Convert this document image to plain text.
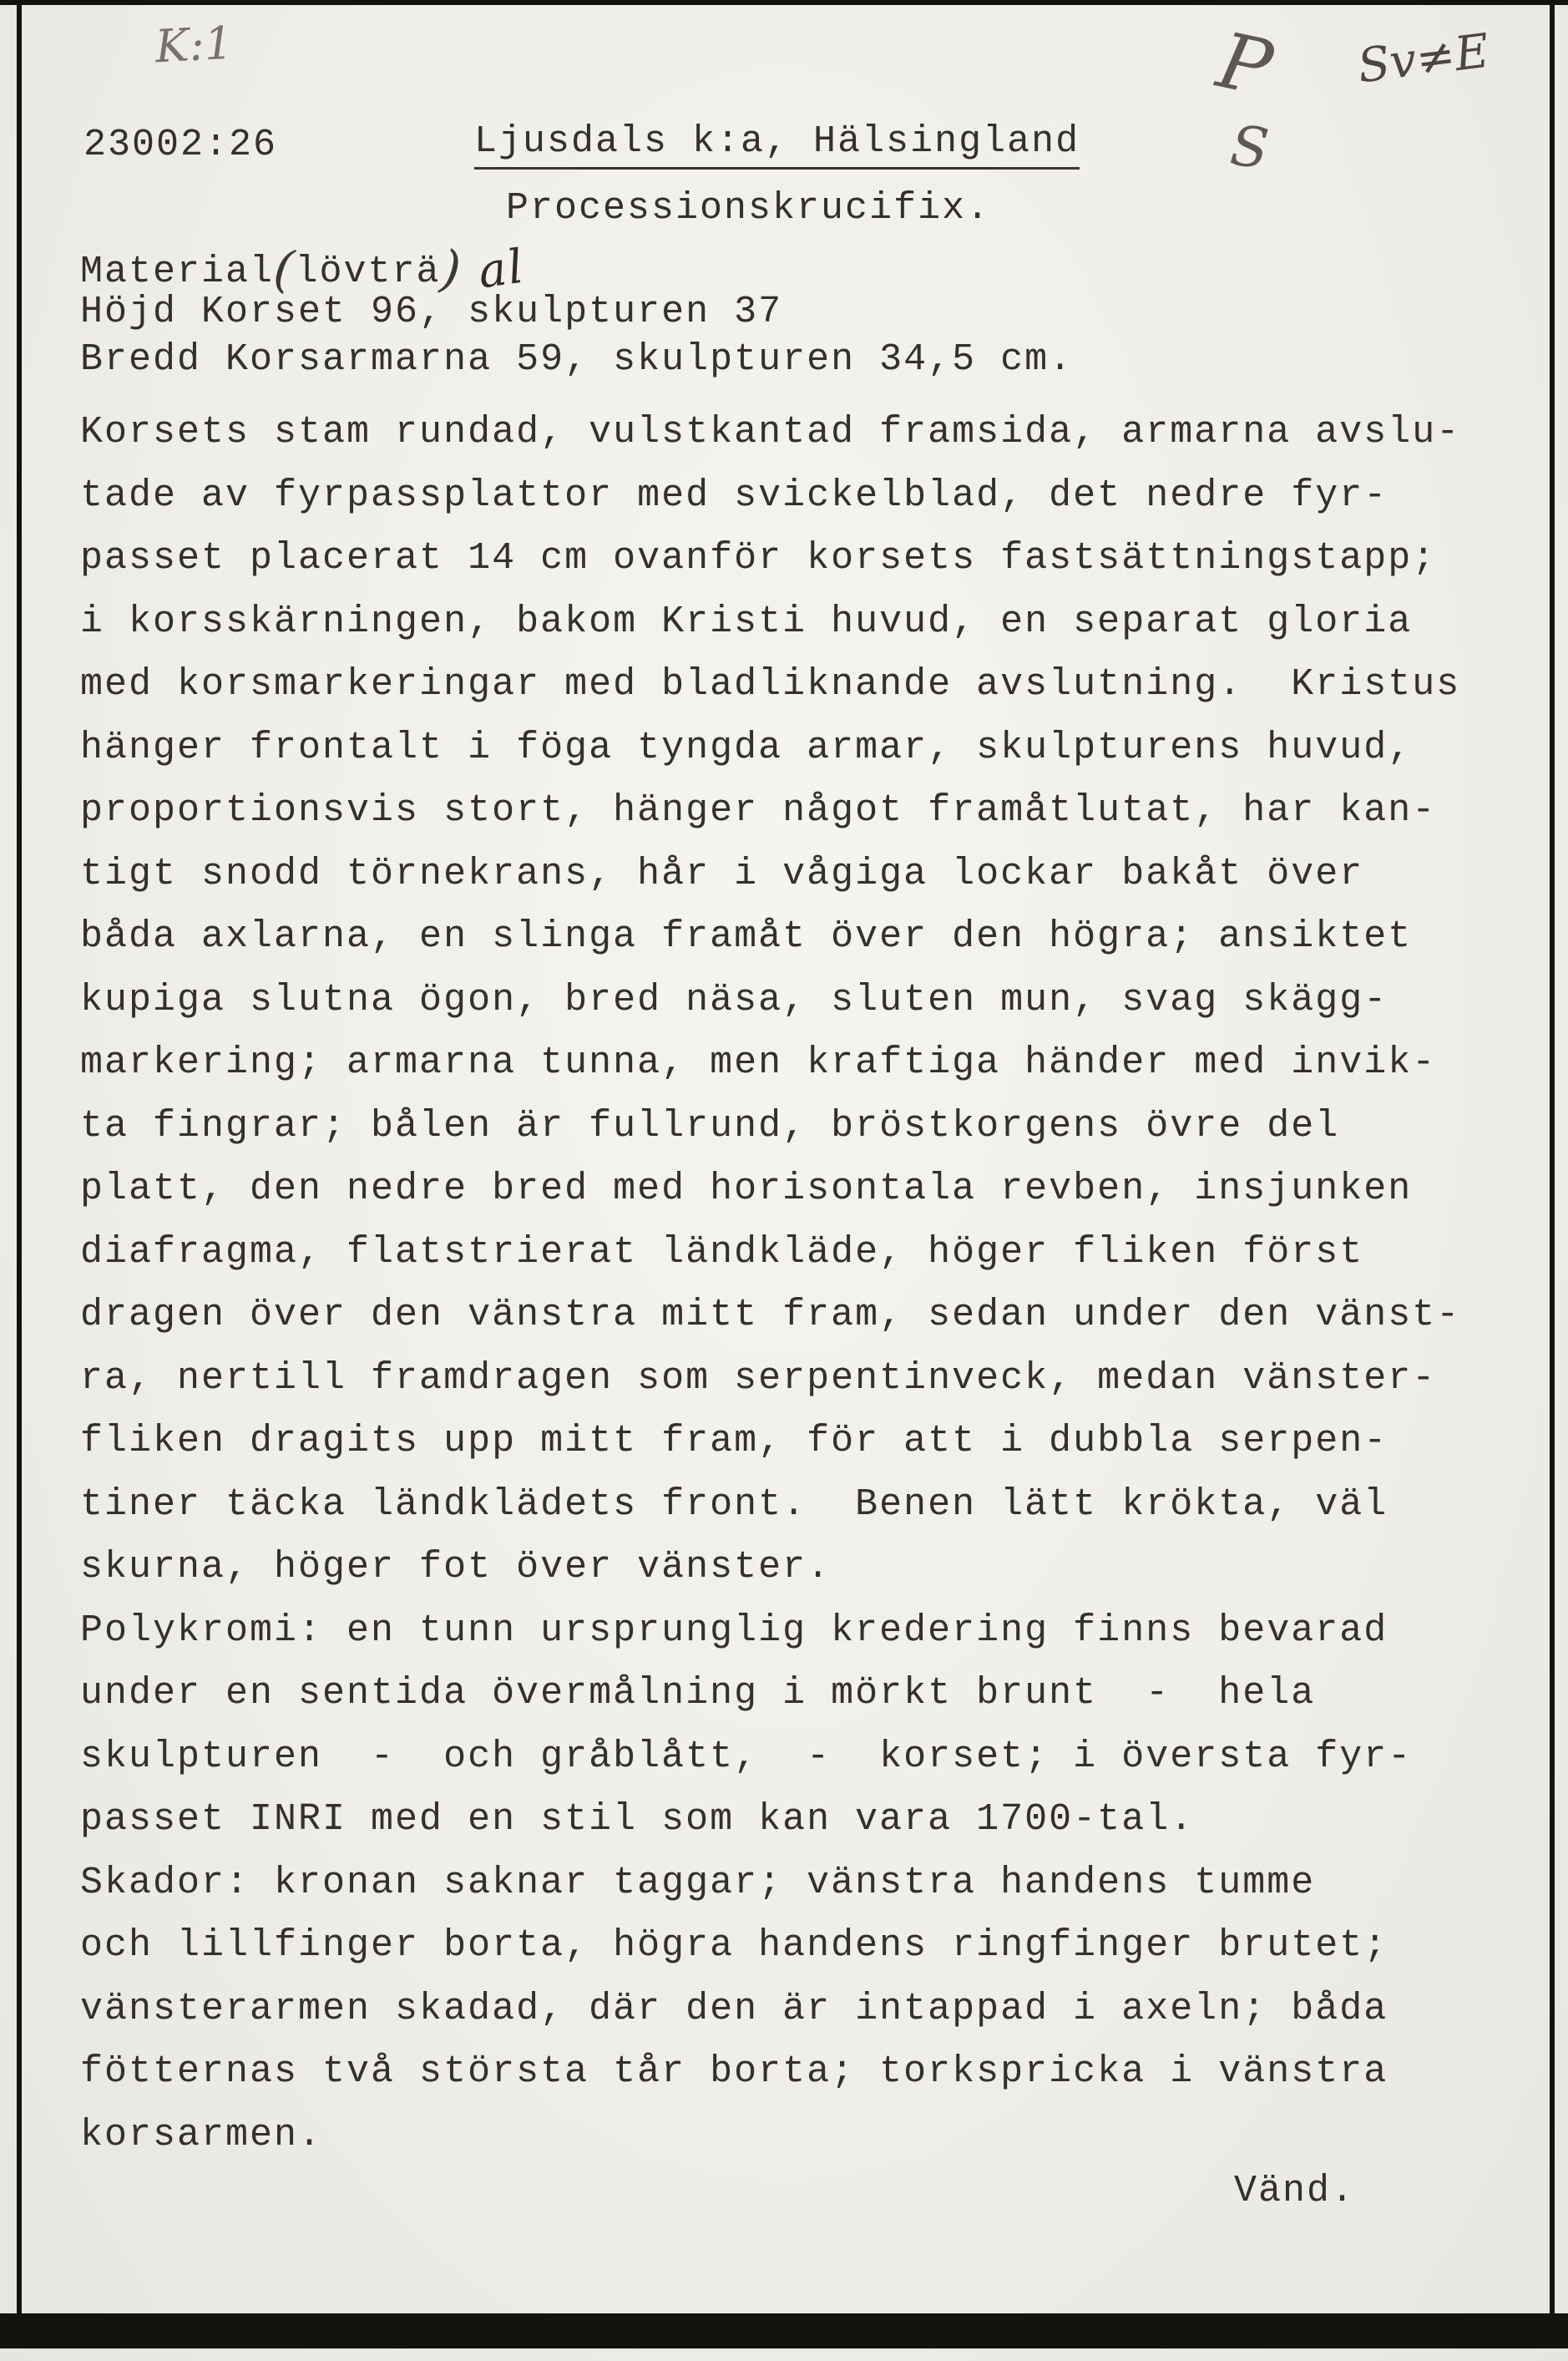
K:1	P
S
Sv≠E
23002:26	Ljusdals k:a, Hälsingland
Processionskrucifix.
Material(lövträ) al
Höjd Korset 96, skulpturen 37
Bredd Korsarmarna 59, skulpturen 34,5 cm.
Korsets stam rundad, vulstkantad framsida, armarna avslu-
tade av fyrpassplattor med svickelblad, det nedre fyr-
passet placerat 14 cm ovanför korsets fastsättningstapp;
i korsskärningen, bakom Kristi huvud, en separat gloria
med korsmarkeringar med bladliknande avslutning.  Kristus
hänger frontalt i föga tyngda armar, skulpturens huvud,
proportionsvis stort, hänger något framåtlutat, har kan-
tigt snodd törnekrans, hår i vågiga lockar bakåt över
båda axlarna, en slinga framåt över den högra; ansiktet
kupiga slutna ögon, bred näsa, sluten mun, svag skägg-
markering; armarna tunna, men kraftiga händer med invik-
ta fingrar; bålen är fullrund, bröstkorgens övre del
platt, den nedre bred med horisontala revben, insjunken
diafragma, flatstrierat ländkläde, höger fliken först
dragen över den vänstra mitt fram, sedan under den vänst-
ra, nertill framdragen som serpentinveck, medan vänster-
fliken dragits upp mitt fram, för att i dubbla serpen-
tiner täcka ländklädets front.  Benen lätt krökta, väl
skurna, höger fot över vänster.
Polykromi: en tunn ursprunglig kredering finns bevarad
under en sentida övermålning i mörkt brunt  -  hela
skulpturen  -  och gråblått,  -  korset; i översta fyr-
passet INRI med en stil som kan vara 1700-tal.
Skador: kronan saknar taggar; vänstra handens tumme
och lillfinger borta, högra handens ringfinger brutet;
vänsterarmen skadad, där den är intappad i axeln; båda
fötternas två största tår borta; torkspricka i vänstra
korsarmen.
Vänd.
